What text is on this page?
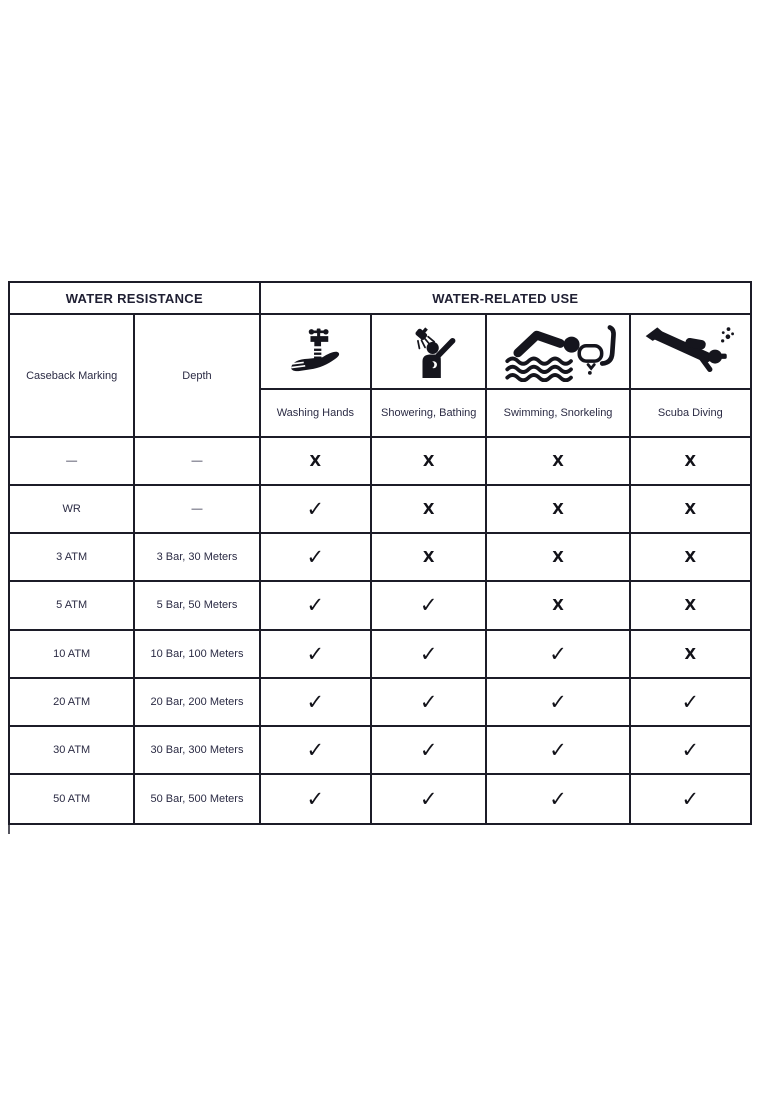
WATER RESISTANCE	WATER-RELATED USE
Caseback Marking	Depth
Washing Hands	Showering, Bathing	Swimming, Snorkeling	Scuba Diving
—	—	X	X	X	X
WR	—	✓	X	X	X
3 ATM	3 Bar, 30 Meters	✓	X	X	X
5 ATM	5 Bar, 50 Meters	✓	✓	X	X
10 ATM	10 Bar, 100 Meters	✓	✓	✓	X
20 ATM	20 Bar, 200 Meters	✓	✓	✓	✓
30 ATM	30 Bar, 300 Meters	✓	✓	✓	✓
50 ATM	50 Bar, 500 Meters	✓	✓	✓	✓
